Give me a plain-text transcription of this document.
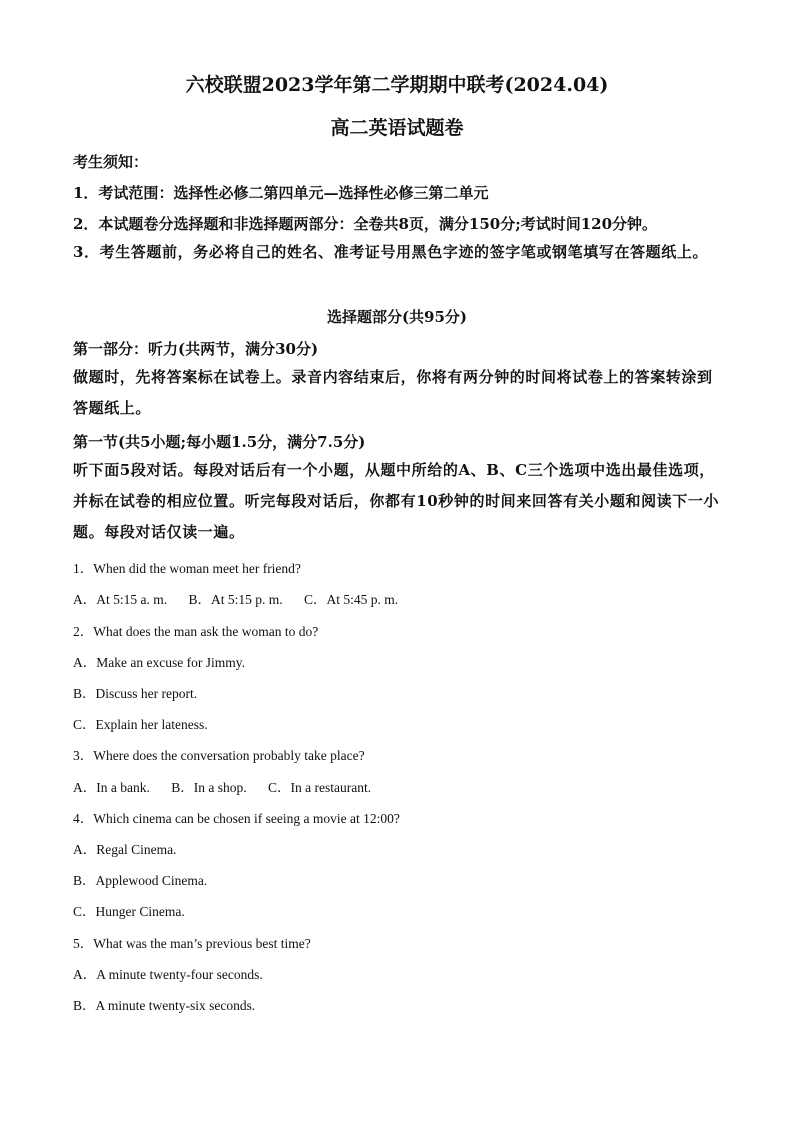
六校联盟2023学年第二学期期中联考(2024.04)
高二英语试题卷
考生须知：
1．考试范围：选择性必修二第四单元—选择性必修三第二单元
2．本试题卷分选择题和非选择题两部分：全卷共8页，满分150分;考试时间120分钟。
3．考生答题前，务必将自己的姓名、准考证号用黑色字迹的签字笔或钢笔填写在答题纸上。
选择题部分(共95分)
第一部分：听力(共两节，满分30分)
做题时，先将答案标在试卷上。录音内容结束后，你将有两分钟的时间将试卷上的答案转涂到答题纸上。
第一节(共5小题;每小题1.5分，满分7.5分)
听下面5段对话。每段对话后有一个小题，从题中所给的A、B、C三个选项中选出最佳选项，并标在试卷的相应位置。听完每段对话后，你都有10秒钟的时间来回答有关小题和阅读下一小题。每段对话仅读一遍。
1．When did the woman meet her friend?
A．At 5:15 a. m. B．At 5:15 p. m. C．At 5:45 p. m.
2．What does the man ask the woman to do?
A．Make an excuse for Jimmy.
B．Discuss her report.
C．Explain her lateness.
3．Where does the conversation probably take place?
A．In a bank. B．In a shop. C．In a restaurant.
4．Which cinema can be chosen if seeing a movie at 12:00?
A．Regal Cinema.
B．Applewood Cinema.
C．Hunger Cinema.
5．What was the man’s previous best time?
A．A minute twenty-four seconds.
B．A minute twenty-six seconds.
